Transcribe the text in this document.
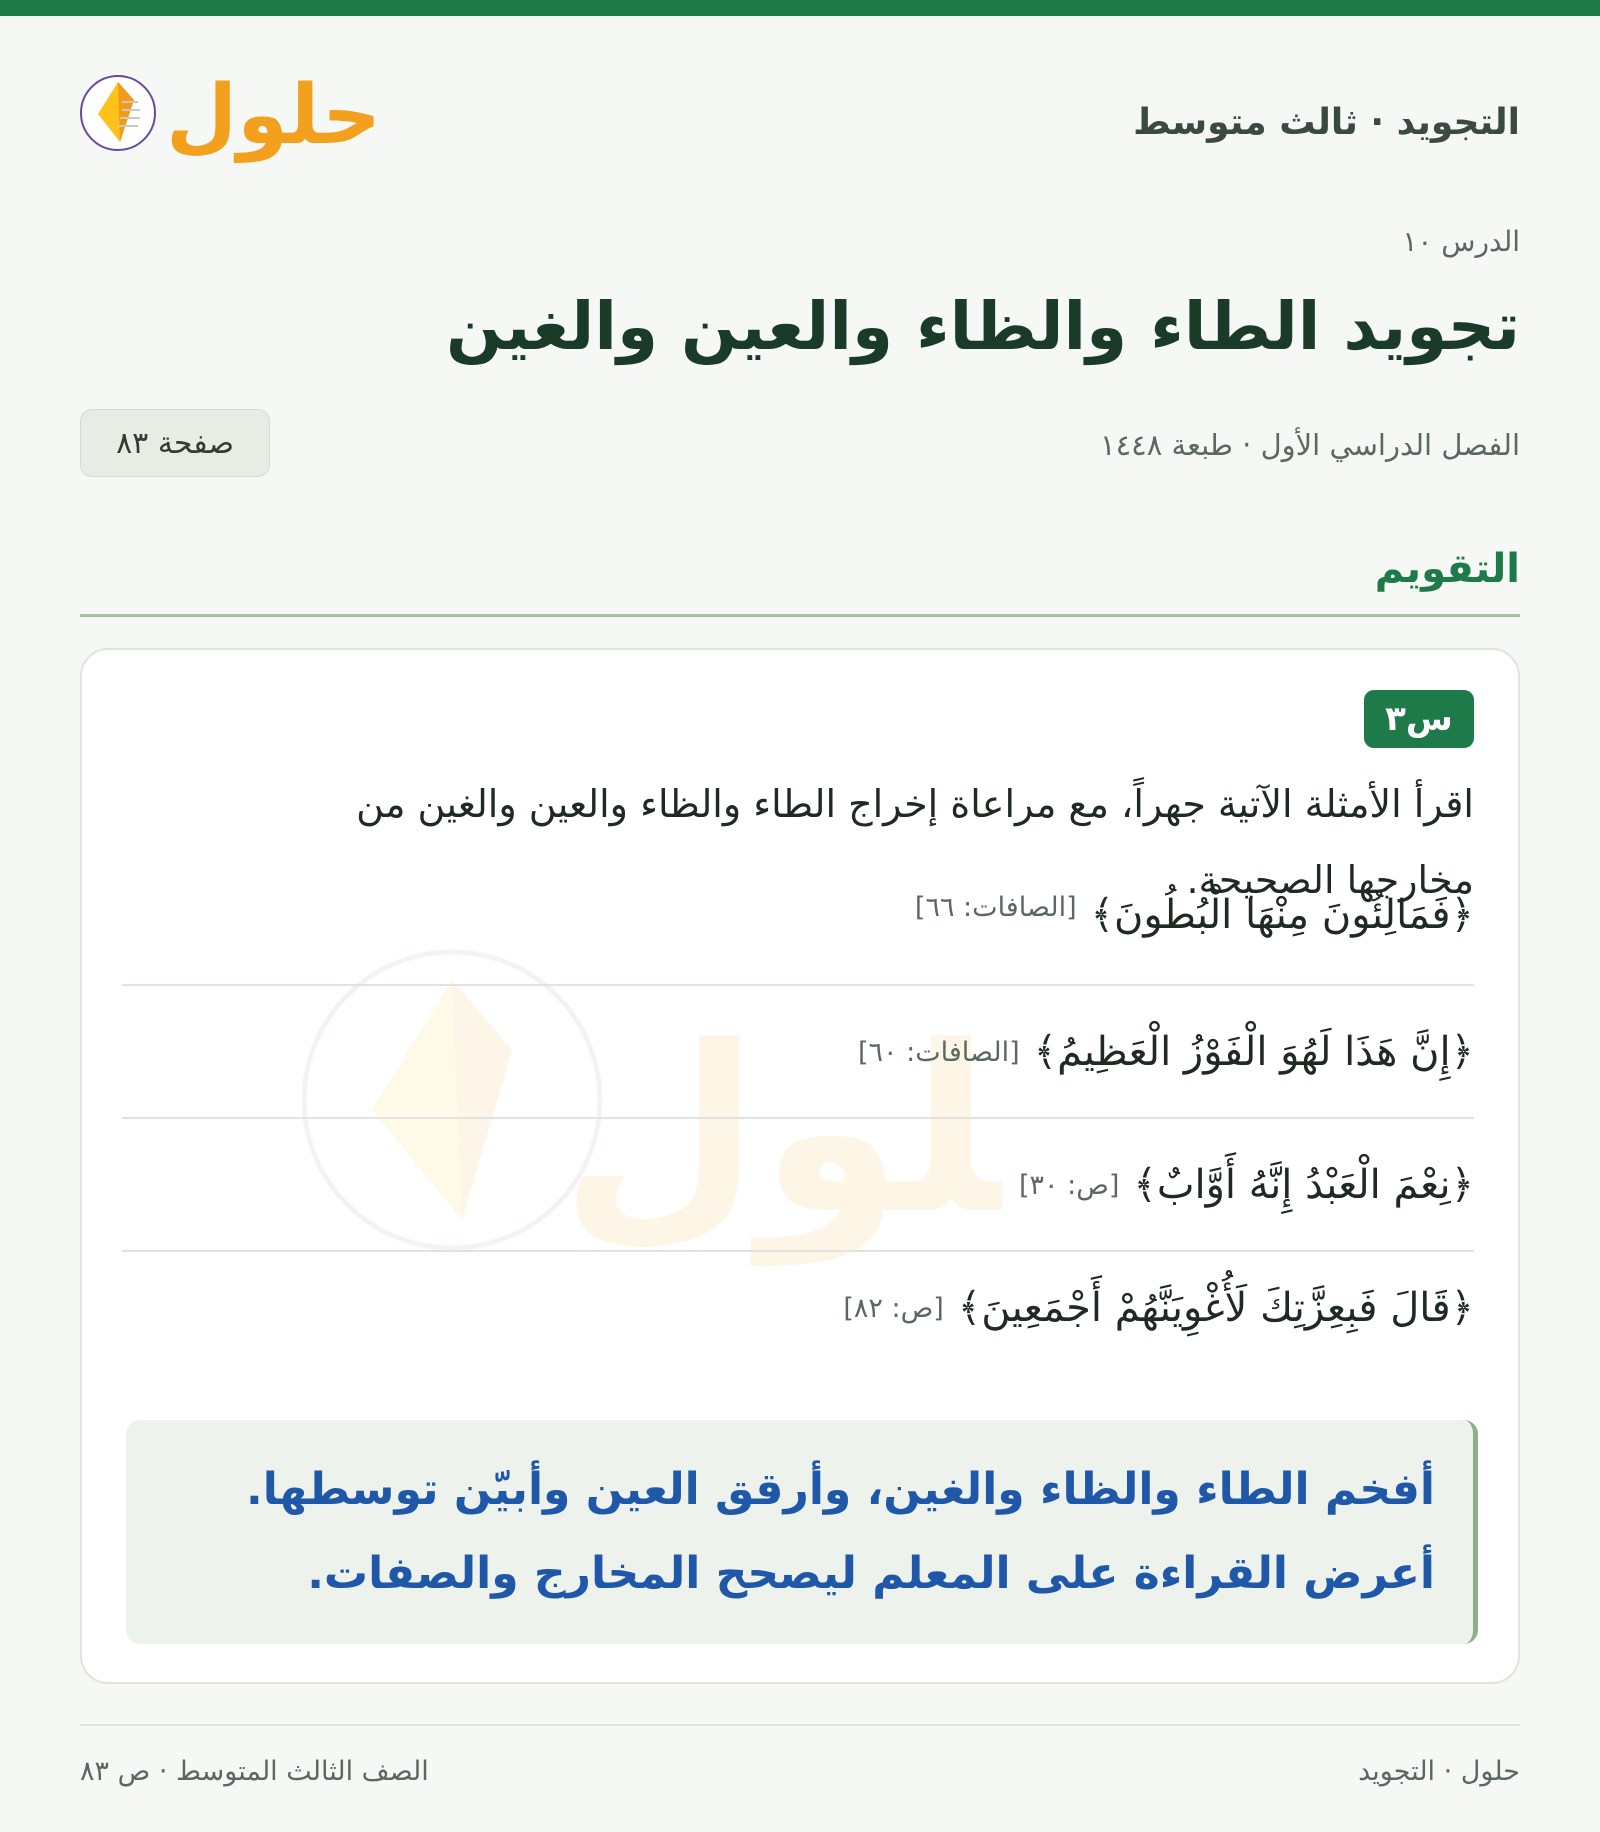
التجويد · ثالث متوسط
حلول
الدرس ١٠
تجويد الطاء والظاء والعين والغين
الفصل الدراسي الأول · طبعة ١٤٤٨
صفحة ٨٣
التقويم
لول
س٣

اقرأ الأمثلة الآتية جهراً، مع مراعاة إخراج الطاء والظاء والعين والغين من مخارجها الصحيحة.

﴿فَمَالِئُونَ مِنْهَا الْبُطُونَ﴾
[الصافات: ٦٦]
﴿إِنَّ هَذَا لَهُوَ الْفَوْزُ الْعَظِيمُ﴾
[الصافات: ٦٠]
﴿نِعْمَ الْعَبْدُ إِنَّهُ أَوَّابٌ﴾
[ص: ٣٠]
﴿قَالَ فَبِعِزَّتِكَ لَأُغْوِيَنَّهُمْ أَجْمَعِينَ﴾
[ص: ٨٢]
أفخم الطاء والظاء والغين، وأرقق العين وأبيّن توسطها.
أعرض القراءة على المعلم ليصحح المخارج والصفات.
حلول · التجويد
الصف الثالث المتوسط · ص ٨٣
